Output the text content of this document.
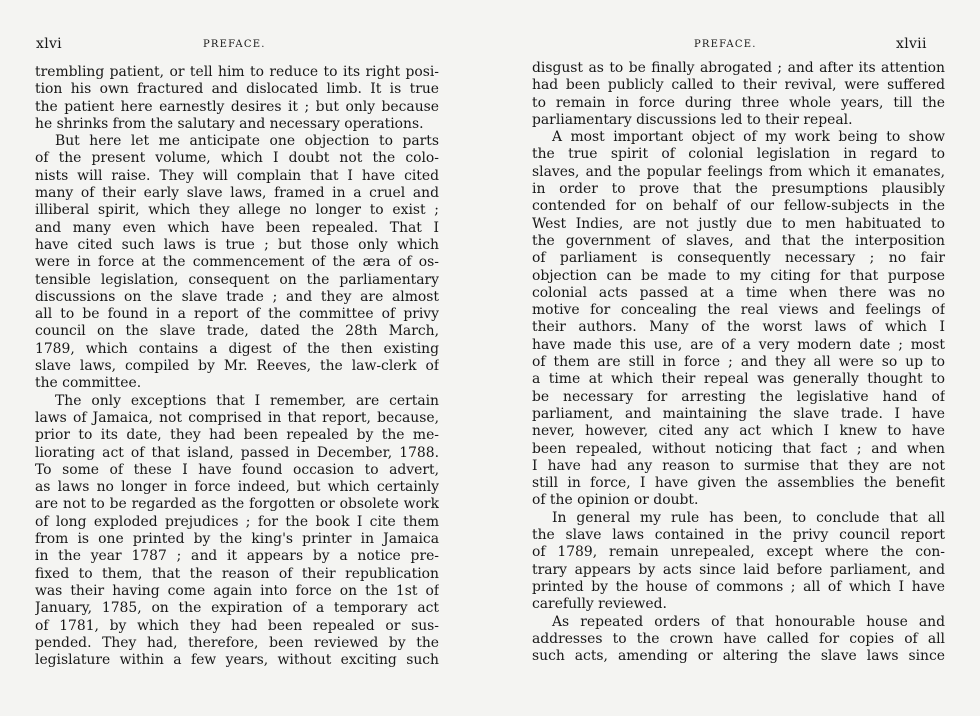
xlvi	PREFACE.
trembling patient, or tell him to reduce to its right posi-
tion his own fractured and dislocated limb. It is true
the patient here earnestly desires it ; but only because
he shrinks from the salutary and necessary operations.
But here let me anticipate one objection to parts
of the present volume, which I doubt not the colo-
nists will raise. They will complain that I have cited
many of their early slave laws, framed in a cruel and
illiberal spirit, which they allege no longer to exist ;
and many even which have been repealed. That I
have cited such laws is true ; but those only which
were in force at the commencement of the æra of os-
tensible legislation, consequent on the parliamentary
discussions on the slave trade ; and they are almost
all to be found in a report of the committee of privy
council on the slave trade, dated the 28th March,
1789, which contains a digest of the then existing
slave laws, compiled by Mr. Reeves, the law-clerk of
the committee.
The only exceptions that I remember, are certain
laws of Jamaica, not comprised in that report, because,
prior to its date, they had been repealed by the me-
liorating act of that island, passed in December, 1788.
To some of these I have found occasion to advert,
as laws no longer in force indeed, but which certainly
are not to be regarded as the forgotten or obsolete work
of long exploded prejudices ; for the book I cite them
from is one printed by the king's printer in Jamaica
in the year 1787 ; and it appears by a notice pre-
fixed to them, that the reason of their republication
was their having come again into force on the 1st of
January, 1785, on the expiration of a temporary act
of 1781, by which they had been repealed or sus-
pended. They had, therefore, been reviewed by the
legislature within a few years, without exciting such
PREFACE.	xlvii
disgust as to be finally abrogated ; and after its attention
had been publicly called to their revival, were suffered
to remain in force during three whole years, till the
parliamentary discussions led to their repeal.
A most important object of my work being to show
the true spirit of colonial legislation in regard to
slaves, and the popular feelings from which it emanates,
in order to prove that the presumptions plausibly
contended for on behalf of our fellow-subjects in the
West Indies, are not justly due to men habituated to
the government of slaves, and that the interposition
of parliament is consequently necessary ; no fair
objection can be made to my citing for that purpose
colonial acts passed at a time when there was no
motive for concealing the real views and feelings of
their authors. Many of the worst laws of which I
have made this use, are of a very modern date ; most
of them are still in force ; and they all were so up to
a time at which their repeal was generally thought to
be necessary for arresting the legislative hand of
parliament, and maintaining the slave trade. I have
never, however, cited any act which I knew to have
been repealed, without noticing that fact ; and when
I have had any reason to surmise that they are not
still in force, I have given the assemblies the benefit
of the opinion or doubt.
In general my rule has been, to conclude that all
the slave laws contained in the privy council report
of 1789, remain unrepealed, except where the con-
trary appears by acts since laid before parliament, and
printed by the house of commons ; all of which I have
carefully reviewed.
As repeated orders of that honourable house and
addresses to the crown have called for copies of all
such acts, amending or altering the slave laws since
